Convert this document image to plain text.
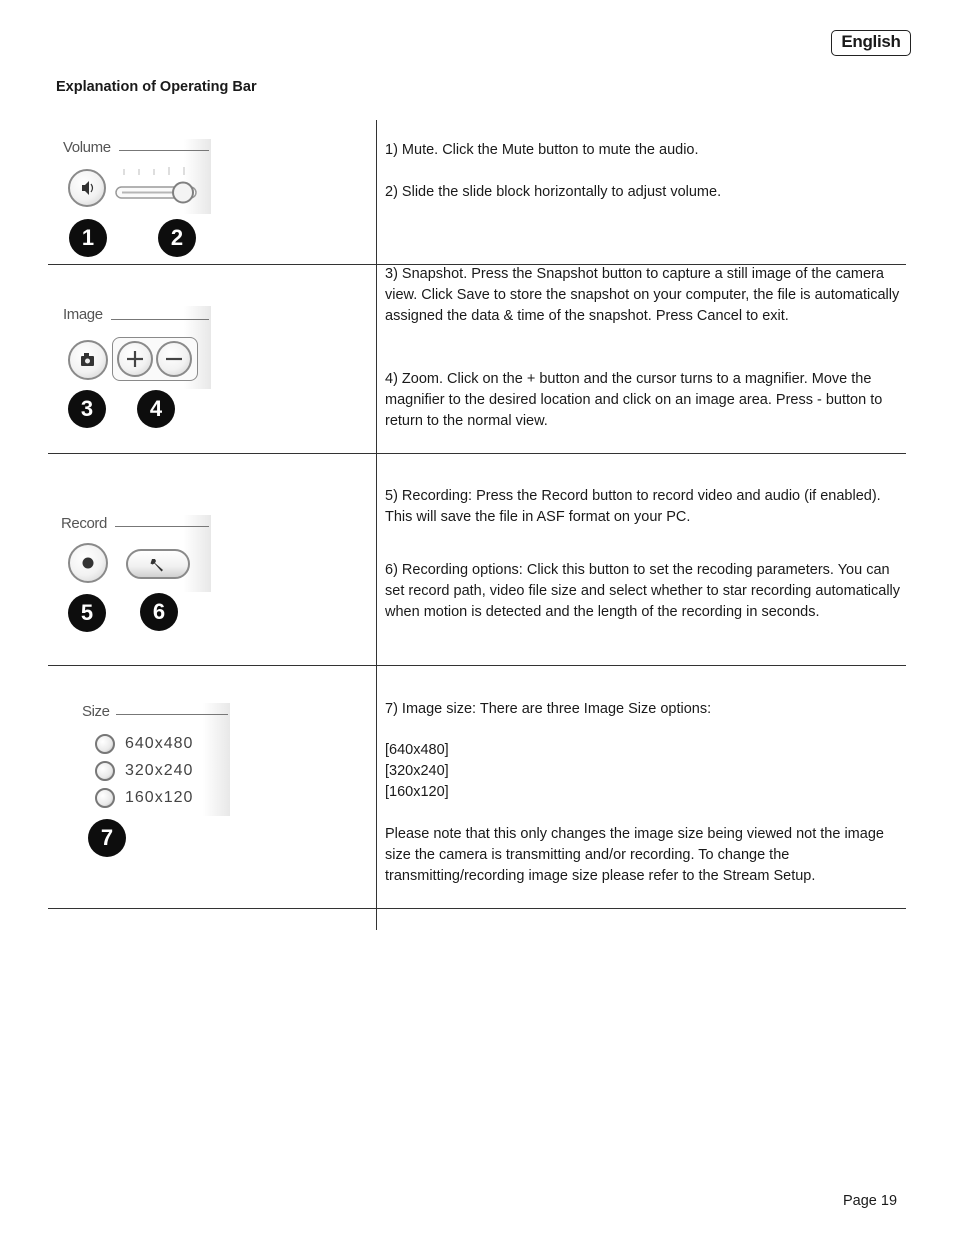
English
Explanation of Operating Bar
Volume
1	2

1) Mute. Click the Mute button to mute the audio.

2) Slide the slide block horizontally to adjust volume.

Image
3	4

3) Snapshot. Press the Snapshot button to capture a still image of the camera view. Click Save to store the snapshot on your computer, the file is automatically assigned the data & time of the snapshot. Press Cancel to exit.

4) Zoom. Click on the + button and the cursor turns to a magnifier. Move the magnifier to the desired location and click on an image area. Press - button to return to the normal view.

Record
5	6

5) Recording: Press the Record button to record video and audio (if enabled). This will save the file in ASF format on your PC.

6) Recording options: Click this button to set the recoding parameters. You can set record path, video file size and select whether to star recording automatically when motion is detected and the length of the recording in seconds.

Size
640x480
320x240
160x120
7

7) Image size: There are three Image Size options:

[640x480]

[320x240]

[160x120]

Please note that this only changes the image size being viewed not the image size the camera is transmitting and/or recording. To change the transmitting/recording image size please refer to the Stream Setup.

Page 19
